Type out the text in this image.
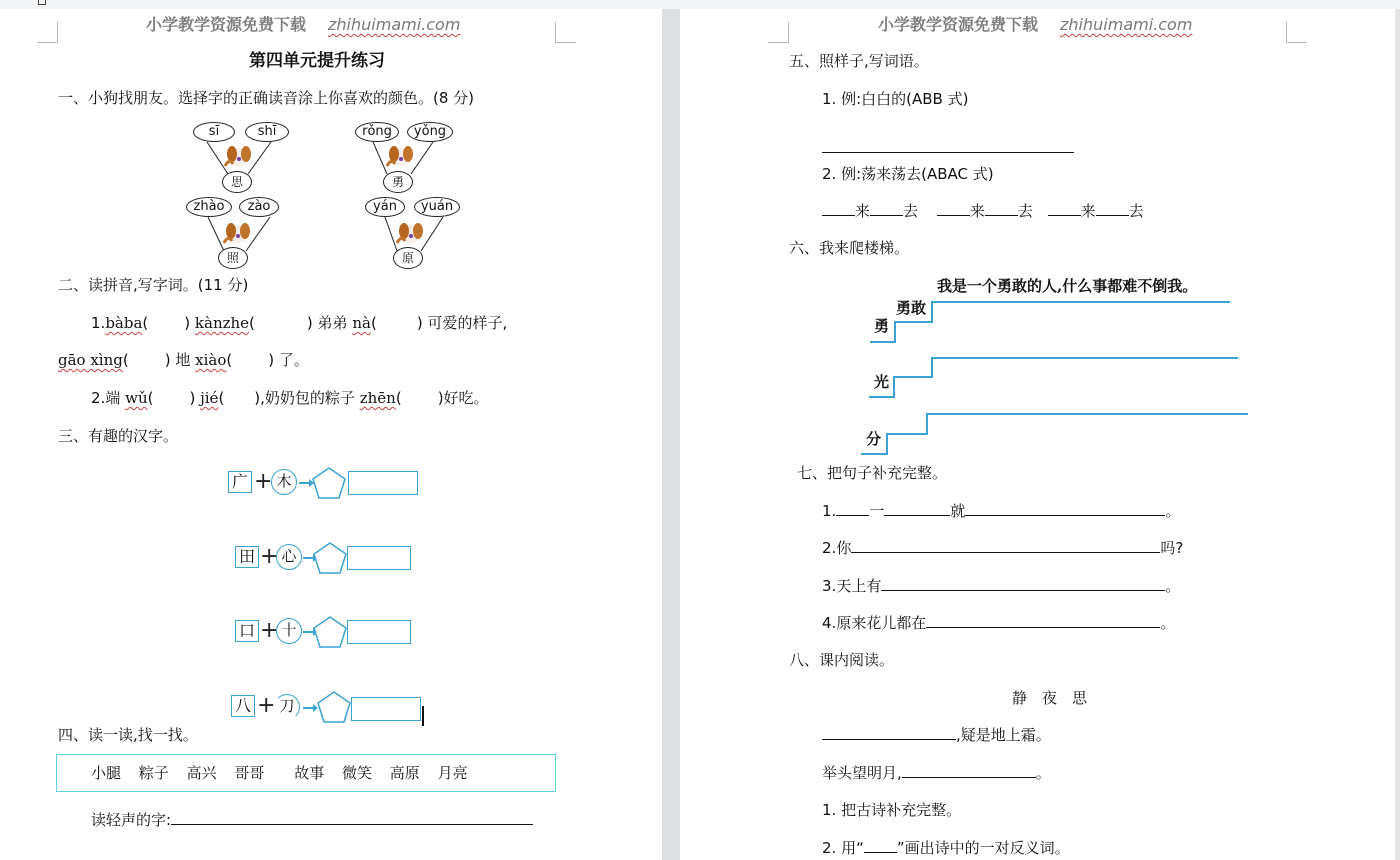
小学教学资源免费下载 zhihuimami.com
第四单元提升练习
一、小狗找朋友。选择字的正确读音涂上你喜欢的颜色。(8 分)
sī	shī
思
rǒng	yǒng
勇
zhào	zào
照
yán	yuán
原
二、读拼音,写字词。(11 分)
1.bàba( ) kànzhe(	) 弟弟 nà(	) 可爱的样子,
gāo xìng( ) 地 xiào( ) 了。
2.端 wǔ( ) jié( ),奶奶包的粽子 zhēn( )好吃。
三、有趣的汉字。
广 + 木
田 + 心
口 + 十
八 + 刀
四、读一读,找一找。
小腿 粽子 高兴 哥哥 故事 微笑 高原 月亮
读轻声的字:
小学教学资源免费下载 zhihuimami.com
五、照样子,写词语。
1. 例:白白的(ABB 式)
2. 例:荡来荡去(ABAC 式)
来 去	来 去	来 去
六、我来爬楼梯。
我是一个勇敢的人,什么事都难不倒我。
勇敢
勇
光
分
七、把句子补充完整。
1. 一	就	。
2.你	吗?
3.天上有	。
4.原来花儿都在	。
八、课内阅读。
静　夜　思
,疑是地上霜。
举头望明月,	。
1. 把古诗补充完整。
2. 用“ ”画出诗中的一对反义词。
